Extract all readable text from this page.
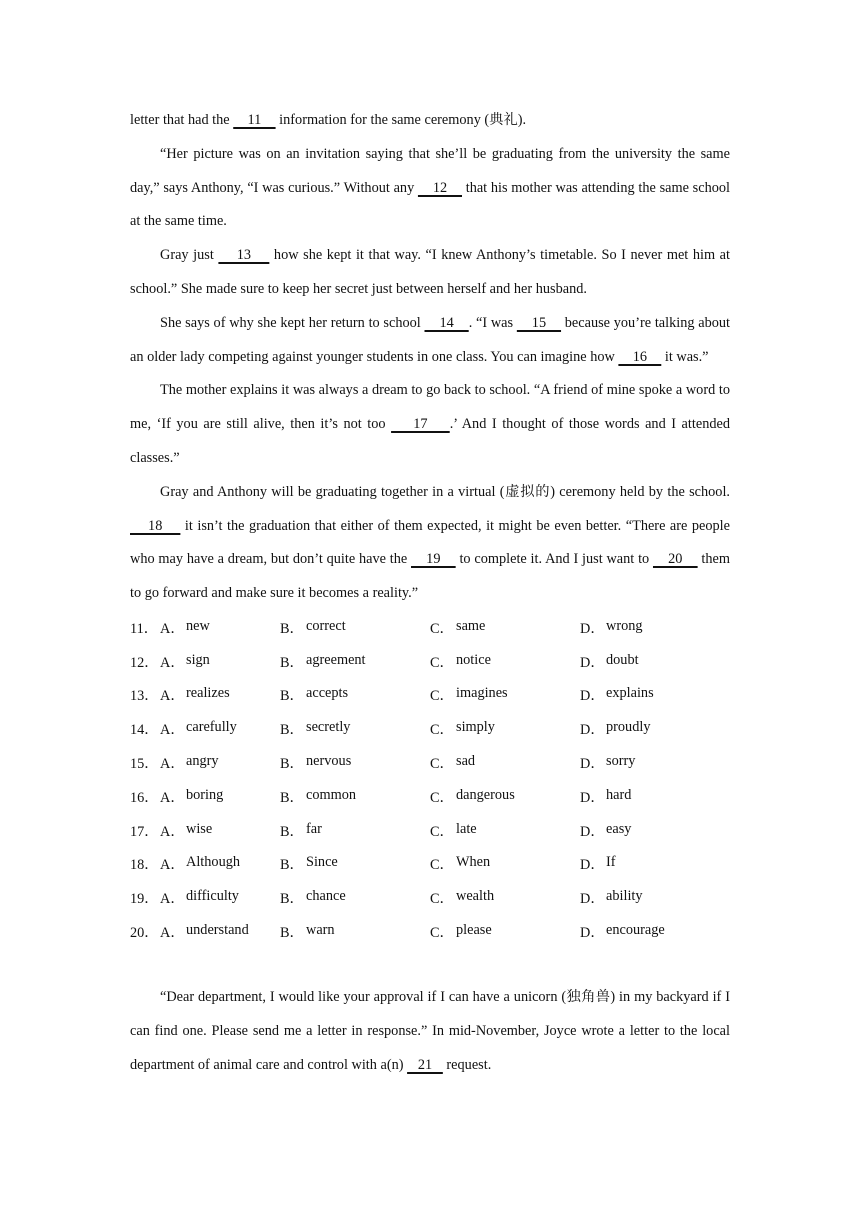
letter that had the     11     information for the same ceremony (典礼).

“Her picture was on an invitation saying that she’ll be graduating from the university the same day,” says Anthony, “I was curious.” Without any     12     that his mother was attending the same school at the same time.

Gray just     13     how she kept it that way. “I knew Anthony’s timetable. So I never met him at school.” She made sure to keep her secret just between herself and her husband.

She says of why she kept her return to school     14    . “I was     15     because you’re talking about an older lady competing against younger students in one class. You can imagine how     16     it was.”

The mother explains it was always a dream to go back to school. “A friend of mine spoke a word to me, ‘If you are still alive, then it’s not too     17    .’ And I thought of those words and I attended classes.”

Gray and Anthony will be graduating together in a virtual (虚拟的) ceremony held by the school.     18     it isn’t the graduation that either of them expected, it might be even better. “There are people who may have a dream, but don’t quite have the     19     to complete it. And I just want to     20     them to go forward and make sure it becomes a reality.”

11． A． new	B． correct	C． same	D． wrong
12． A． sign	B． agreement	C． notice	D． doubt
13． A． realizes	B． accepts	C． imagines	D． explains
14． A． carefully	B． secretly	C． simply	D． proudly
15． A． angry	B． nervous	C． sad	D． sorry
16． A． boring	B． common	C． dangerous	D． hard
17． A． wise	B． far	C． late	D． easy
18． A． Although	B． Since	C． When	D． If
19． A． difficulty	B． chance	C． wealth	D． ability
20． A． understand B． warn	C． please	D． encourage

“Dear department, I would like your approval if I can have a unicorn (独角兽) in my backyard if I can find one. Please send me a letter in response.” In mid-November, Joyce wrote a letter to the local department of animal care and control with a(n)    21    request.
